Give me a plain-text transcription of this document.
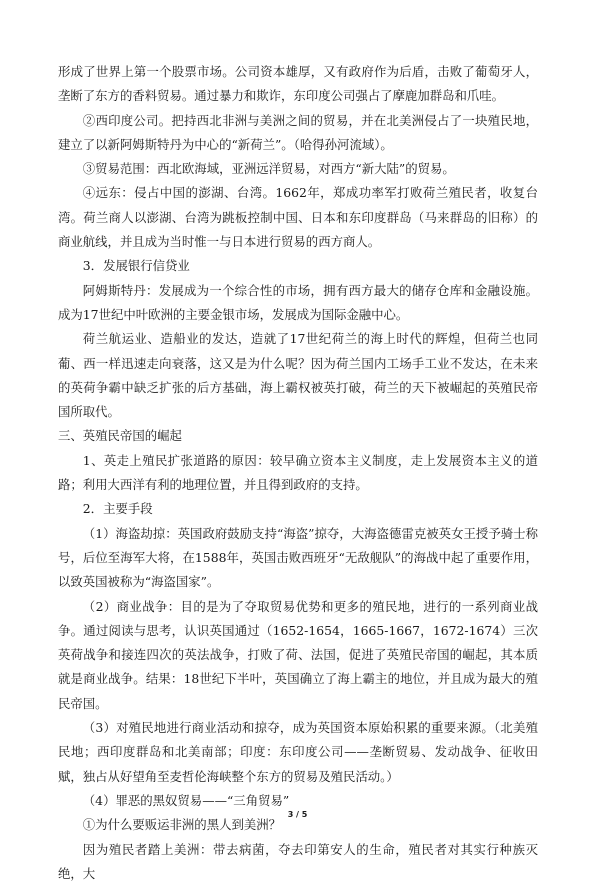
形成了世界上第一个股票市场。公司资本雄厚，又有政府作为后盾，击败了葡萄牙人，垄断了东方的香料贸易。通过暴力和欺诈，东印度公司强占了摩鹿加群岛和爪哇。

②西印度公司。把持西北非洲与美洲之间的贸易，并在北美洲侵占了一块殖民地，建立了以新阿姆斯特丹为中心的“新荷兰”。（哈得孙河流域）。

③贸易范围：西北欧海域，亚洲远洋贸易，对西方“新大陆”的贸易。

④远东：侵占中国的澎湖、台湾。1662年，郑成功率军打败荷兰殖民者，收复台湾。荷兰商人以澎湖、台湾为跳板控制中国、日本和东印度群岛（马来群岛的旧称）的商业航线，并且成为当时惟一与日本进行贸易的西方商人。

3．发展银行信贷业

阿姆斯特丹：发展成为一个综合性的市场，拥有西方最大的储存仓库和金融设施。成为17世纪中叶欧洲的主要金银市场，发展成为国际金融中心。

荷兰航运业、造船业的发达，造就了17世纪荷兰的海上时代的辉煌，但荷兰也同葡、西一样迅速走向衰落，这又是为什么呢？因为荷兰国内工场手工业不发达，在未来的英荷争霸中缺乏扩张的后方基础，海上霸权被英打破，荷兰的天下被崛起的英殖民帝国所取代。

三、英殖民帝国的崛起

1、英走上殖民扩张道路的原因：较早确立资本主义制度，走上发展资本主义的道路；利用大西洋有利的地理位置，并且得到政府的支持。

2．主要手段

（1）海盗劫掠：英国政府鼓励支持“海盗”掠夺，大海盗德雷克被英女王授予骑士称号，后位至海军大将，在1588年，英国击败西班牙“无敌舰队”的海战中起了重要作用，以致英国被称为“海盗国家”。

（2）商业战争：目的是为了夺取贸易优势和更多的殖民地，进行的一系列商业战争。通过阅读与思考，认识英国通过（1652-1654，1665-1667，1672-1674）三次英荷战争和接连四次的英法战争，打败了荷、法国，促进了英殖民帝国的崛起，其本质就是商业战争。结果：18世纪下半叶，英国确立了海上霸主的地位，并且成为最大的殖民帝国。

（3）对殖民地进行商业活动和掠夺，成为英国资本原始积累的重要来源。（北美殖民地；西印度群岛和北美南部；印度：东印度公司——垄断贸易、发动战争、征收田赋，独占从好望角至麦哲伦海峡整个东方的贸易及殖民活动。）

（4）罪恶的黑奴贸易——“三角贸易”

①为什么要贩运非洲的黑人到美洲？

因为殖民者踏上美洲：带去病菌，夺去印第安人的生命，殖民者对其实行种族灭绝，大

3 / 5
